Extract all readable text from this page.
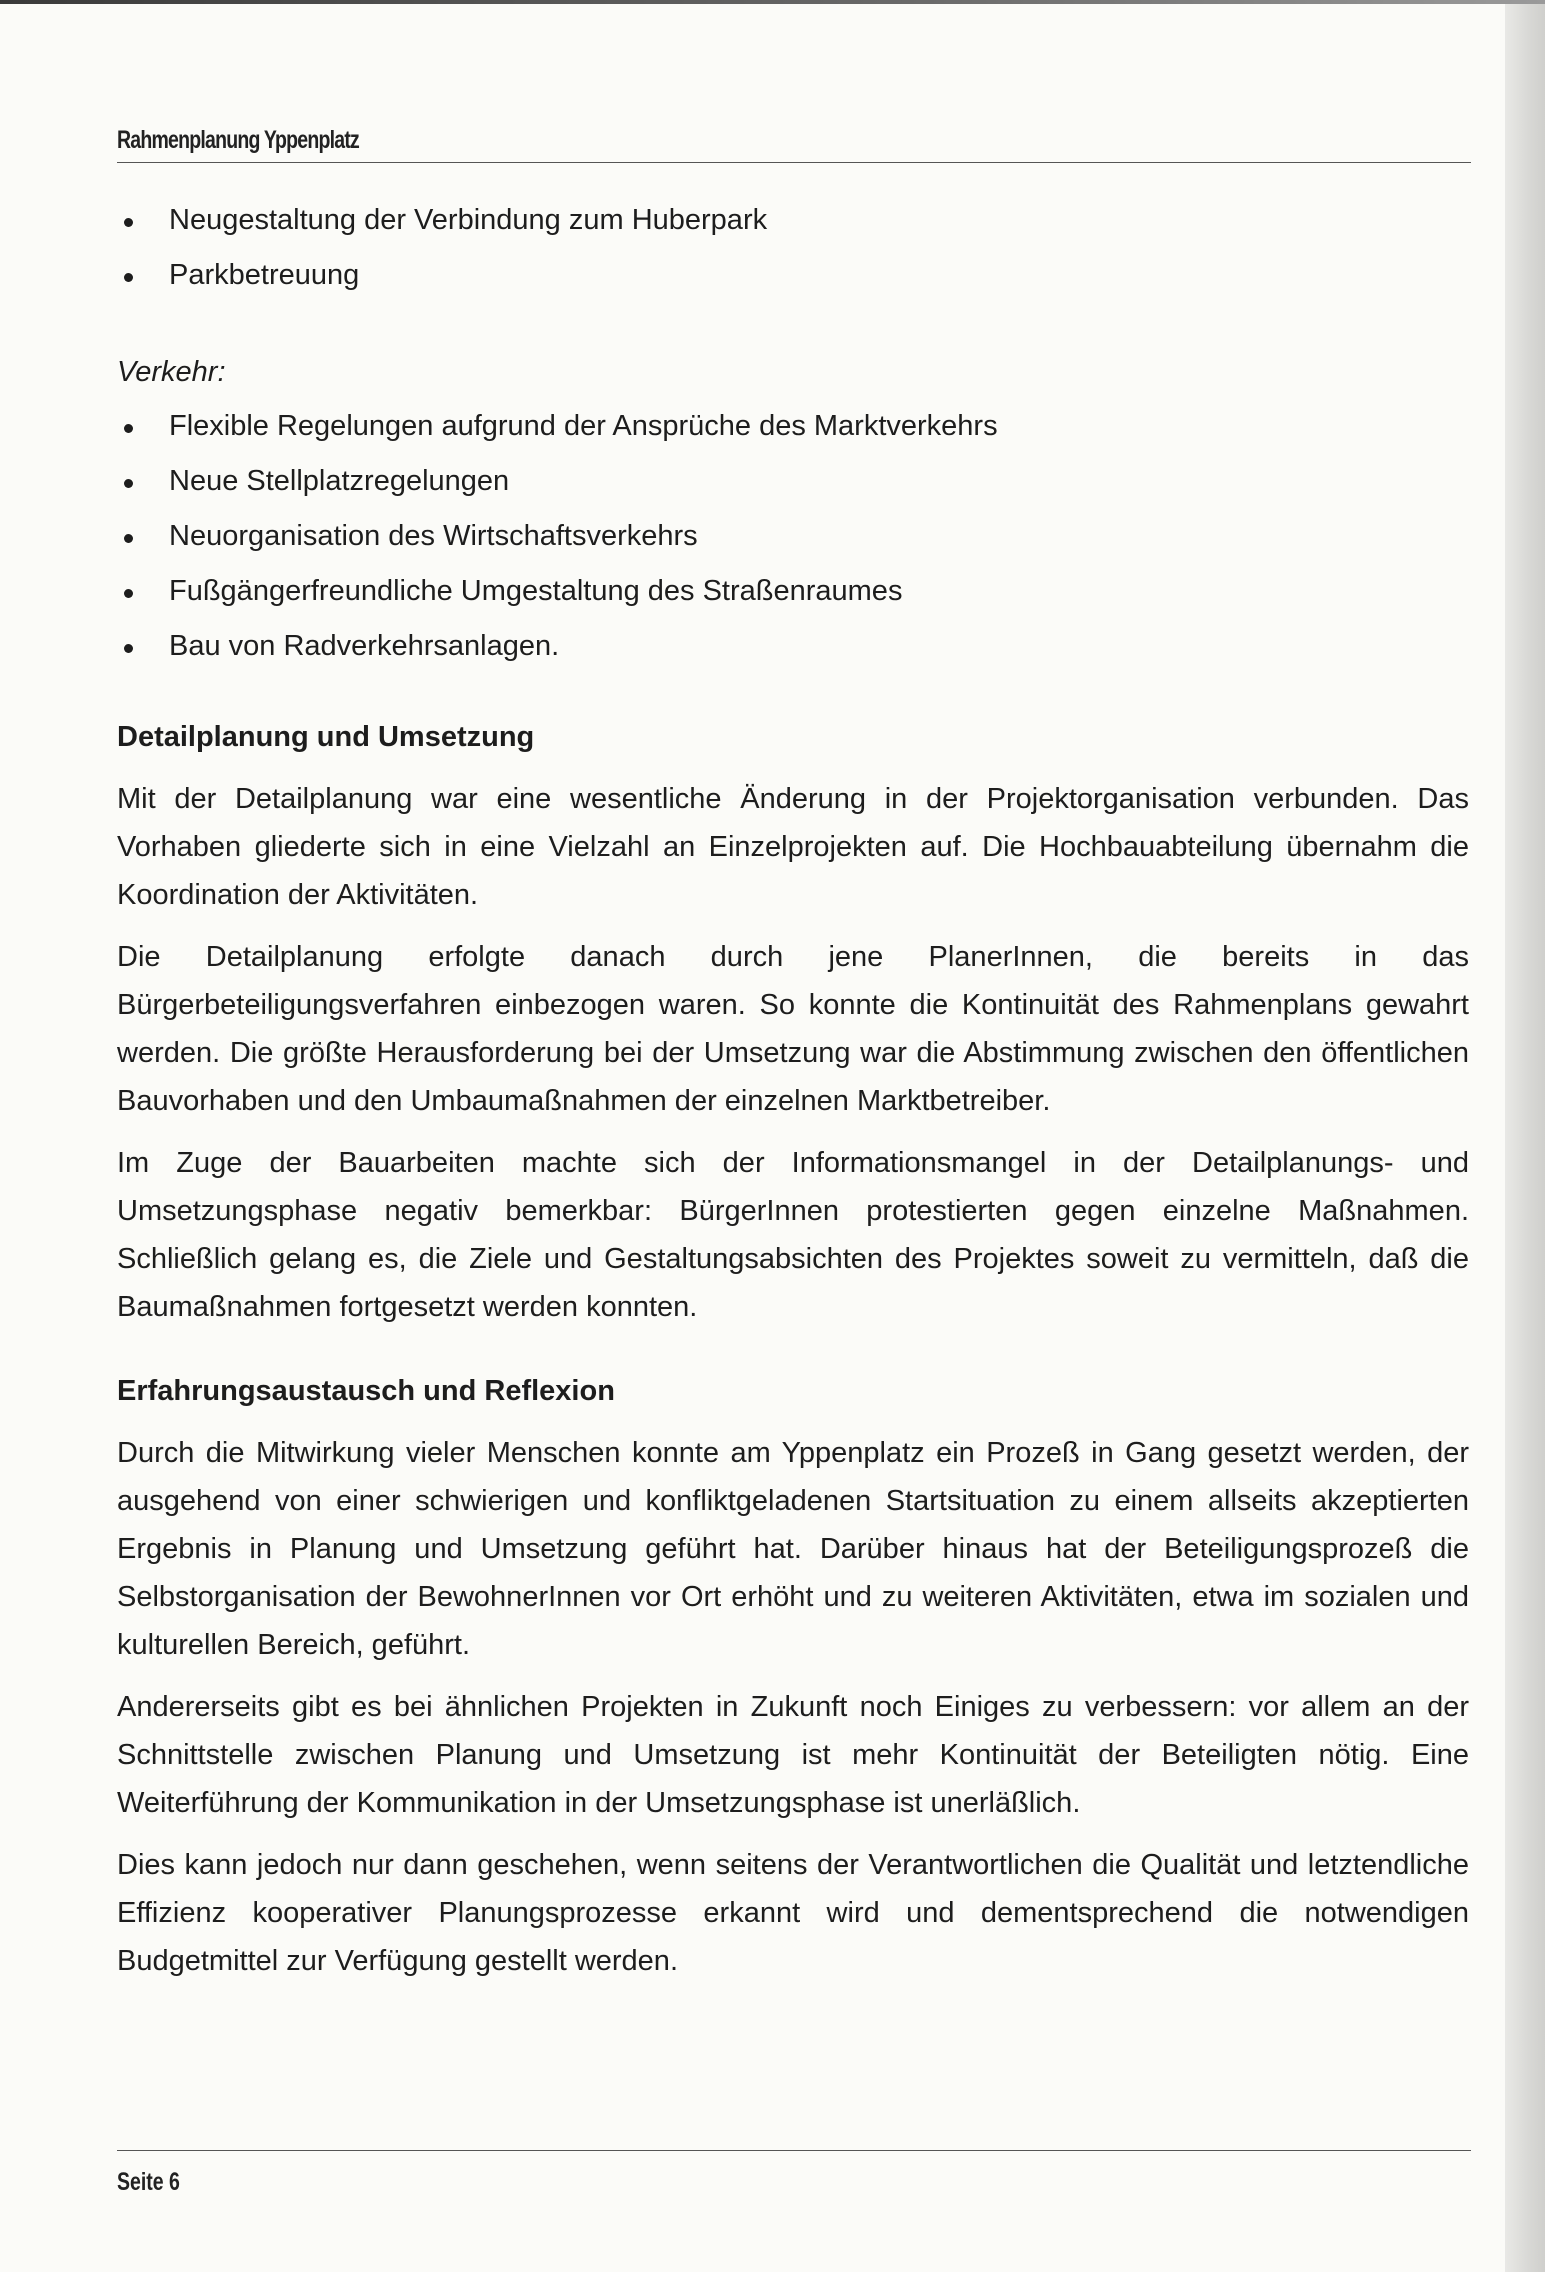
Rahmenplanung Yppenplatz
Neugestaltung der Verbindung zum Huberpark
Parkbetreuung
Verkehr:
Flexible Regelungen aufgrund der Ansprüche des Marktverkehrs
Neue Stellplatzregelungen
Neuorganisation des Wirtschaftsverkehrs
Fußgängerfreundliche Umgestaltung des Straßenraumes
Bau von Radverkehrsanlagen.
Detailplanung und Umsetzung

Mit der Detailplanung war eine wesentliche Änderung in der Projektorganisation verbunden. Das Vorhaben gliederte sich in eine Vielzahl an Einzelprojekten auf. Die Hochbauabteilung übernahm die Koordination der Aktivitäten.

Die Detailplanung erfolgte danach durch jene PlanerInnen, die bereits in das Bürgerbeteiligungsverfahren einbezogen waren. So konnte die Kontinuität des Rahmenplans gewahrt werden. Die größte Herausforderung bei der Umsetzung war die Abstimmung zwischen den öffentlichen Bauvorhaben und den Umbaumaßnahmen der einzelnen Marktbetreiber.

Im Zuge der Bauarbeiten machte sich der Informationsmangel in der Detailplanungs- und Umsetzungsphase negativ bemerkbar: BürgerInnen protestierten gegen einzelne Maßnahmen. Schließlich gelang es, die Ziele und Gestaltungsabsichten des Projektes soweit zu vermitteln, daß die Baumaßnahmen fortgesetzt werden konnten.

Erfahrungsaustausch und Reflexion

Durch die Mitwirkung vieler Menschen konnte am Yppenplatz ein Prozeß in Gang gesetzt werden, der ausgehend von einer schwierigen und konfliktgeladenen Startsituation zu einem allseits akzeptierten Ergebnis in Planung und Umsetzung geführt hat. Darüber hinaus hat der Beteiligungsprozeß die Selbstorganisation der BewohnerInnen vor Ort erhöht und zu weiteren Aktivitäten, etwa im sozialen und kulturellen Bereich, geführt.

Andererseits gibt es bei ähnlichen Projekten in Zukunft noch Einiges zu verbessern: vor allem an der Schnittstelle zwischen Planung und Umsetzung ist mehr Kontinuität der Beteiligten nötig. Eine Weiterführung der Kommunikation in der Umsetzungsphase ist unerläßlich.

Dies kann jedoch nur dann geschehen, wenn seitens der Verantwortlichen die Qualität und letztendliche Effizienz kooperativer Planungsprozesse erkannt wird und dementsprechend die notwendigen Budgetmittel zur Verfügung gestellt werden.

Seite 6
